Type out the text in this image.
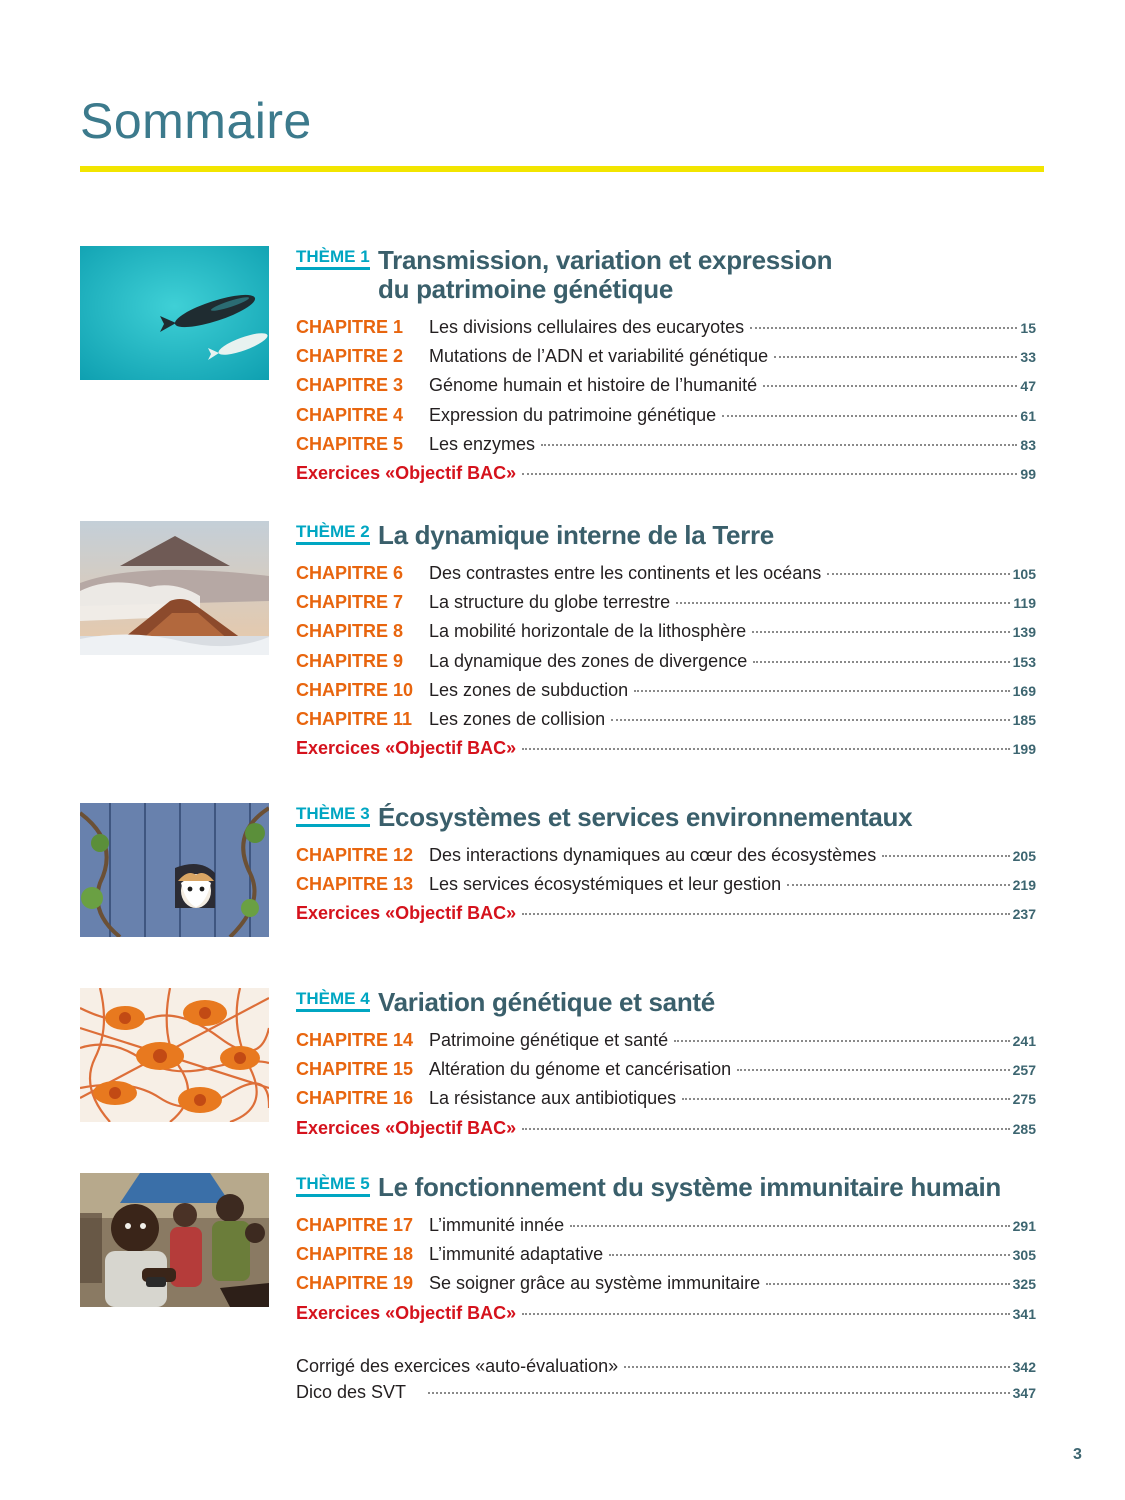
Sommaire
THÈME 1 Transmission, variation et expression
du patrimoine génétique
CHAPITRE 1	Les divisions cellulaires des eucaryotes	15
CHAPITRE 2	Mutations de l’ADN et variabilité génétique	33
CHAPITRE 3	Génome humain et histoire de l’humanité	47
CHAPITRE 4	Expression du patrimoine génétique	61
CHAPITRE 5	Les enzymes	83
Exercices «Objectif BAC»	99
THÈME 2 La dynamique interne de la Terre
CHAPITRE 6	Des contrastes entre les continents et les océans	105
CHAPITRE 7	La structure du globe terrestre	119
CHAPITRE 8	La mobilité horizontale de la lithosphère	139
CHAPITRE 9	La dynamique des zones de divergence	153
CHAPITRE 10 Les zones de subduction	169
CHAPITRE 11 Les zones de collision	185
Exercices «Objectif BAC»	199
THÈME 3 Écosystèmes et services environnementaux
CHAPITRE 12 Des interactions dynamiques au cœur des écosystèmes	205
CHAPITRE 13 Les services écosystémiques et leur gestion	219
Exercices «Objectif BAC»	237
THÈME 4 Variation génétique et santé
CHAPITRE 14 Patrimoine génétique et santé	241
CHAPITRE 15 Altération du génome et cancérisation	257
CHAPITRE 16 La résistance aux antibiotiques	275
Exercices «Objectif BAC»	285
THÈME 5 Le fonctionnement du système immunitaire humain
CHAPITRE 17 L’immunité innée	291
CHAPITRE 18 L’immunité adaptative	305
CHAPITRE 19 Se soigner grâce au système immunitaire	325
Exercices «Objectif BAC»	341
Corrigé des exercices «auto-évaluation»	342
Dico des SVT	347
3
